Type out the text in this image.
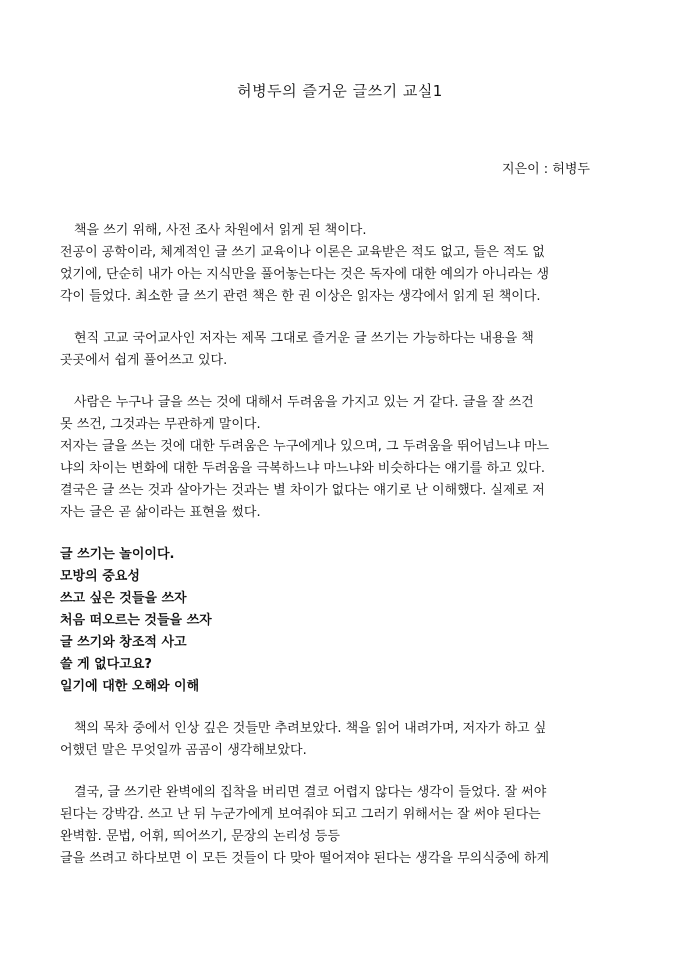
허병두의 즐거운 글쓰기 교실1
지은이 : 허병두
책을 쓰기 위해, 사전 조사 차원에서 읽게 된 책이다.
전공이 공학이라, 체계적인 글 쓰기 교육이나 이론은 교육받은 적도 없고, 들은 적도 없
었기에, 단순히 내가 아는 지식만을 풀어놓는다는 것은 독자에 대한 예의가 아니라는 생
각이 들었다. 최소한 글 쓰기 관련 책은 한 권 이상은 읽자는 생각에서 읽게 된 책이다.
현직 고교 국어교사인 저자는 제목 그대로 즐거운 글 쓰기는 가능하다는 내용을 책
곳곳에서 쉽게 풀어쓰고 있다.
사람은 누구나 글을 쓰는 것에 대해서 두려움을 가지고 있는 거 같다. 글을 잘 쓰건
못 쓰건, 그것과는 무관하게 말이다.
저자는 글을 쓰는 것에 대한 두려움은 누구에게나 있으며, 그 두려움을 뛰어넘느냐 마느
냐의 차이는 변화에 대한 두려움을 극복하느냐 마느냐와 비슷하다는 얘기를 하고 있다.
결국은 글 쓰는 것과 살아가는 것과는 별 차이가 없다는 얘기로 난 이해했다. 실제로 저
자는 글은 곧 삶이라는 표현을 썼다.
글 쓰기는 놀이이다.
모방의 중요성
쓰고 싶은 것들을 쓰자
처음 떠오르는 것들을 쓰자
글 쓰기와 창조적 사고
쓸 게 없다고요?
일기에 대한 오해와 이해
책의 목차 중에서 인상 깊은 것들만 추려보았다. 책을 읽어 내려가며, 저자가 하고 싶
어했던 말은 무엇일까 곰곰이 생각해보았다.
결국, 글 쓰기란 완벽에의 집착을 버리면 결코 어렵지 않다는 생각이 들었다. 잘 써야
된다는 강박감. 쓰고 난 뒤 누군가에게 보여줘야 되고 그러기 위해서는 잘 써야 된다는
완벽함. 문법, 어휘, 띄어쓰기, 문장의 논리성 등등
글을 쓰려고 하다보면 이 모든 것들이 다 맞아 떨어져야 된다는 생각을 무의식중에 하게
